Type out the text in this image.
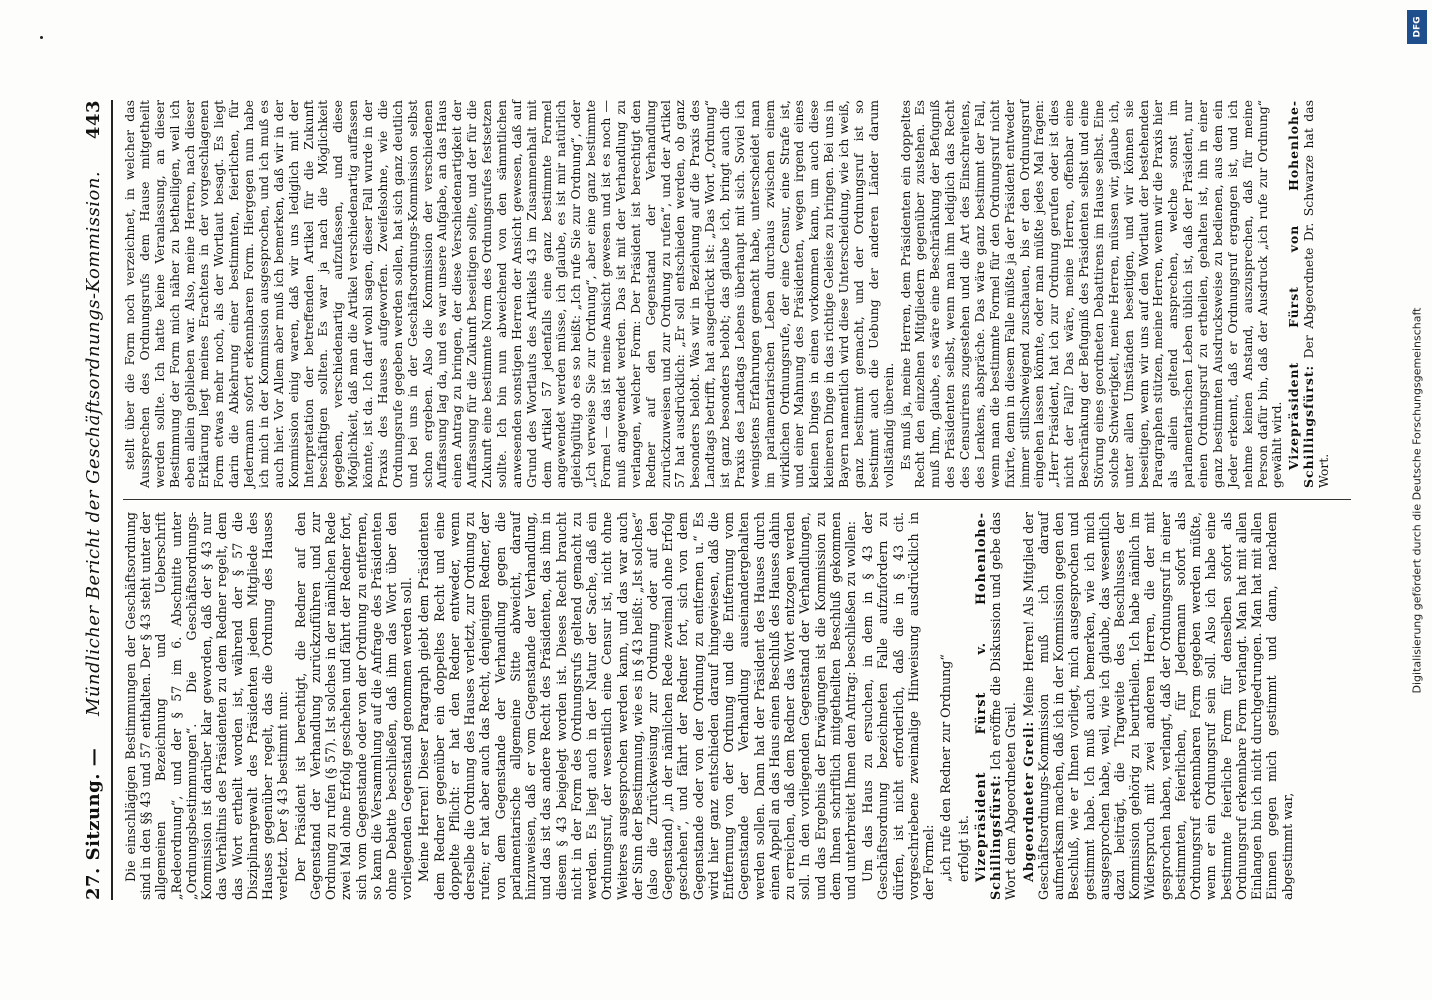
27. Sitzung. —
Mündlicher Bericht der Geschäftsordnungs-Kommission.
443

Die einschlägigen Bestimmungen der Geschäftsordnung sind in den §§ 43 und 57 enthalten. Der § 43 steht unter der allgemeinen Bezeichnung und Ueberschrift „Redeordnung“, und der § 57 im 6. Abschnitte unter „Ordnungsbestimmungen“. Die Geschäftsordnungs-Kommission ist darüber klar geworden, daß der § 43 nur das Verhältnis des Präsidenten zu dem Redner regelt, dem das Wort ertheilt worden ist, während der § 57 die Disziplinargewalt des Präsidenten jedem Mitgliede des Hauses gegenüber regelt, das die Ordnung des Hauses verletzt. Der § 43 bestimmt nun: Der Präsident ist berechtigt, die Redner auf den Gegenstand der Verhandlung zurückzuführen und zur Ordnung zu rufen (§ 57). Ist solches in der nämlichen Rede zwei Mal ohne Erfolg geschehen und fährt der Redner fort, sich vom Gegenstande oder von der Ordnung zu entfernen, so kann die Versammlung auf die Anfrage des Präsidenten ohne Debatte beschließen, daß ihm das Wort über den vorliegenden Gegenstand genommen werden soll. Meine Herren! Dieser Paragraph giebt dem Präsidenten dem Redner gegenüber ein doppeltes Recht und eine doppelte Pflicht: er hat den Redner entweder, wenn derselbe die Ordnung des Hauses verletzt, zur Ordnung zu rufen; er hat aber auch das Recht, denjenigen Redner, der von dem Gegenstande der Verhandlung gegen die parlamentarische allgemeine Sitte abweicht, darauf hinzuweisen, daß er vom Gegenstande der Verhandlung, und das ist das andere Recht des Präsidenten, das ihm in diesem § 43 beigelegt worden ist. Dieses Recht braucht nicht in der Form des Ordnungsrufs geltend gemacht zu werden. Es liegt auch in der Natur der Sache, daß ein Ordnungsruf, der wesentlich eine Censur ist, nicht ohne Weiteres ausgesprochen werden kann, und das war auch der Sinn der Bestimmung, wie es in § 43 heißt: „Ist solches“ (also die Zurückweisung zur Ordnung oder auf den Gegenstand) „in der nämlichen Rede zweimal ohne Erfolg geschehen“, und fährt der Redner fort, sich von dem Gegenstande oder von der Ordnung zu entfernen u.“ Es wird hier ganz entschieden darauf hingewiesen, daß die Entfernung von der Ordnung und die Entfernung vom Gegenstande der Verhandlung auseinandergehalten werden sollen. Dann hat der Präsident des Hauses durch einen Appell an das Haus einen Beschluß des Hauses dahin zu erreichen, daß dem Redner das Wort entzogen werden soll. In den vorliegenden Gegenstand der Verhandlungen, und das Ergebnis der Erwägungen ist die Kommission zu dem Ihnen schriftlich mitgetheilten Beschluß gekommen und unterbreitet Ihnen den Antrag: beschließen zu wollen: Um das Haus zu ersuchen, in dem in § 43 der Geschäftsordnung bezeichneten Falle aufzufordern zu dürfen, ist nicht erforderlich, daß die in § 43 cit. vorgeschriebene zweimalige Hinweisung ausdrücklich in der Formel: „ich rufe den Redner zur Ordnung“ erfolgt ist. Vizepräsident Fürst v. Hohenlohe-Schillingsfürst: Ich eröffne die Diskussion und gebe das Wort dem Abgeordneten Greil. Abgeordneter Greil: Meine Herren! Als Mitglied der Geschäftsordnungs-Kommission muß ich darauf aufmerksam machen, daß ich in der Kommission gegen den Beschluß, wie er Ihnen vorliegt, mich ausgesprochen und gestimmt habe. Ich muß auch bemerken, wie ich mich ausgesprochen habe, weil, wie ich glaube, das wesentlich dazu beiträgt, die Tragweite des Beschlusses der Kommission gehörig zu beurtheilen. Ich habe nämlich im Widerspruch mit zwei anderen Herren, die der mit gesprochen haben, verlangt, daß der Ordnungsruf in einer bestimmten, feierlichen, für Jedermann sofort als Ordnungsruf erkennbaren Form gegeben werden müßte, wenn er ein Ordnungsruf sein soll. Also ich habe eine bestimmte feierliche Form für denselben sofort als Ordnungsruf erkennbare Form verlangt. Man hat mit allen Einlangen bin ich nicht durchgedrungen. Man hat mit allen Einmen gegen mich gestimmt und dann, nachdem abgestimmt war,

stellt über die Form noch verzeichnet, in welcher das Aussprechen des Ordnungsrufs dem Hause mitgetheilt werden sollte. Ich hatte keine Veranlassung, an dieser Bestimmung der Form mich näher zu betheiligen, weil ich eben allein geblieben war. Also, meine Herren, nach dieser Erklärung liegt meines Erachtens in der vorgeschlagenen Form etwas mehr noch, als der Wortlaut besagt. Es liegt darin die Abkehrung einer bestimmten, feierlichen, für Jedermann sofort erkennbaren Form. Hiergegen nun habe ich mich in der Kommission ausgesprochen, und ich muß es auch hier. Vor Allem aber muß ich bemerken, daß wir in der Kommission einig waren, daß wir uns lediglich mit der Interpretation der betreffenden Artikel für die Zukunft beschäftigen sollten. Es war ja nach die Möglichkeit gegeben, verschiedenartig aufzufassen, und diese Möglichkeit, daß man die Artikel verschiedenartig auffassen könnte, ist da. Ich darf wohl sagen, dieser Fall wurde in der Praxis des Hauses aufgeworfen. Zweifelsohne, wie die Ordnungsrufe gegeben werden sollen, hat sich ganz deutlich und bei uns in der Geschäftsordnungs-Kommission selbst schon ergeben. Also die Kommission der verschiedenen Auffassung lag da, und es war unsere Aufgabe, an das Haus einen Antrag zu bringen, der diese Verschiedenartigkeit der Auffassung für die Zukunft beseitigen sollte, und der für die Zukunft eine bestimmte Norm des Ordnungsrufes festsetzen sollte. Ich bin nun abweichend von den sämmtlichen anwesenden sonstigen Herren der Ansicht gewesen, daß auf Grund des Wortlauts des Artikels 43 im Zusammenhalt mit dem Artikel 57 jedenfalls eine ganz bestimmte Formel angewendet werden müsse, ich glaube, es ist mir natürlich gleichgültig ob es so heißt: „Ich rufe Sie zur Ordnung“, oder „Ich verweise Sie zur Ordnung“, aber eine ganz bestimmte Formel — das ist meine Ansicht gewesen und ist es noch — muß angewendet werden. Das ist mit der Verhandlung zu verlangen, welcher Form: Der Präsident ist berechtigt den Redner auf den Gegenstand der Verhandlung zurückzuweisen und zur Ordnung zu rufen“, und der Artikel 57 hat ausdrücklich: „Er soll entschieden werden, ob ganz besonders belobt. Was wir in Beziehung auf die Praxis des Landtags betrifft, hat ausgedrückt ist: „Das Wort „Ordnung“ ist ganz besonders belobt; das glaube ich, bringt auch die Praxis des Landtags Lebens überhaupt mit sich. Soviel ich wenigstens Erfahrungen gemacht habe, unterscheidet man im parlamentarischen Leben durchaus zwischen einem wirklichen Ordnungsrufe, der eine Censur, eine Strafe ist, und einer Mahnung des Präsidenten, wegen irgend eines kleinen Dinges in einen vorkommen kann, um auch diese kleineren Dinge in das richtige Geleise zu bringen. Bei uns in Bayern namentlich wird diese Unterscheidung, wie ich weiß, ganz bestimmt gemacht, und der Ordnungsruf ist so bestimmt auch die Uebung der anderen Länder darum vollständig überein. Es muß ja, meine Herren, dem Präsidenten ein doppeltes Recht den einzelnen Mitgliedern gegenüber zustehen. Es muß Ihm, glaube, es wäre eine Beschränkung der Befugniß des Präsidenten selbst, wenn man ihm lediglich das Recht des Censurirens zugestehen und die Art des Einschreitens, des Lenkens, abspräche. Das wäre ganz bestimmt der Fall, wenn man die bestimmte Formel für den Ordnungsruf nicht fixirte, denn in diesem Falle müßte ja der Präsident entweder immer stillschweigend zuschauen, bis er den Ordnungsruf eingehen lassen könnte, oder man müßte jedes Mal fragen: „Herr Präsident, hat ich zur Ordnung gerufen oder ist dies nicht der Fall? Das wäre, meine Herren, offenbar eine Beschränkung der Befugniß des Präsidenten selbst und eine Störung eines geordneten Debattirens im Hause selbst. Eine solche Schwierigkeit, meine Herren, müssen wir, glaube ich, unter allen Umständen beseitigen, und wir können sie beseitigen, wenn wir uns auf den Wortlaut der bestehenden Paragraphen stützen, meine Herren, wenn wir die Praxis hier als allein geltend ansprechen, welche sonst im parlamentarischen Leben üblich ist, daß der Präsident, nur einen Ordnungsruf zu ertheilen, gehalten ist, ihn in einer ganz bestimmten Ausdrucksweise zu bedienen, aus dem ein Jeder erkennt, daß er Ordnungsruf ergangen ist, und ich nehme keinen Anstand, auszusprechen, daß für meine Person dafür bin, daß der Ausdruck „ich rufe zur Ordnung“ gewählt wird. Vizepräsident Fürst von Hohenlohe-Schillingsfürst: Der Abgeordnete Dr. Schwarze hat das Wort.	Digitalisierung gefördert durch die Deutsche Forschungsgemeinschaft
DFG
